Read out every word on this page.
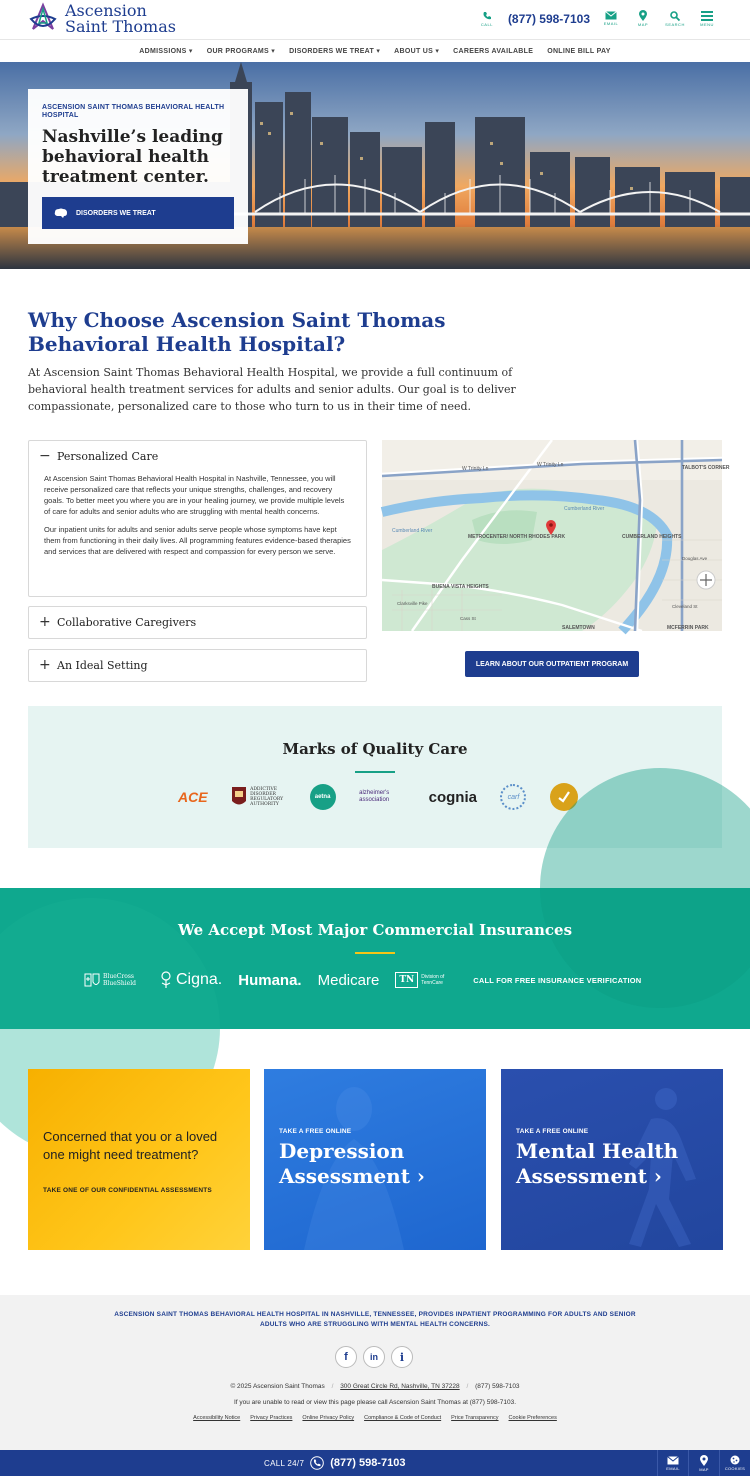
Ascension
Saint Thomas	CALL (877) 598-7103	EMAIL	MAP	SEARCH	MENU
ADMISSIONS ▾ OUR PROGRAMS ▾ DISORDERS WE TREAT ▾ ABOUT US ▾ CAREERS AVAILABLE ONLINE BILL PAY
ASCENSION SAINT THOMAS BEHAVIORAL HEALTH HOSPITAL
Nashville’s leading behavioral health treatment center.
DISORDERS WE TREAT
Why Choose Ascension Saint Thomas Behavioral Health Hospital?

At Ascension Saint Thomas Behavioral Health Hospital, we provide a full continuum of behavioral health treatment services for adults and senior adults. Our goal is to deliver compassionate, personalized care to those who turn to us in their time of need.

− Personalized Care

At Ascension Saint Thomas Behavioral Health Hospital in Nashville, Tennessee, you will receive personalized care that reflects your unique strengths, challenges, and recovery goals. To better meet you where you are in your healing journey, we provide multiple levels of care for adults and senior adults who are struggling with mental health concerns.

Our inpatient units for adults and senior adults serve people whose symptoms have kept them from functioning in their daily lives. All programming features evidence-based therapies and services that are delivered with respect and compassion for every person we serve.

+ Collaborative Caregivers
+ An Ideal Setting
W Trinity Ln
W Trinity Ln	TALBOT'S CORNER
Cumberland River
Cumberland River
METROCENTER/ NORTH RHODES PARK	CUMBERLAND HEIGHTS
BUENA VISTA HEIGHTS
Clarksville Pike
Cass St
SALEMTOWN	MCFERRIN PARK
Cleveland St
Douglas Ave
LEARN ABOUT OUR OUTPATIENT PROGRAM
Marks of Quality Care
ACE	ADDICTIVE DISORDER REGULATORY AUTHORITY
aetna
alzheimer's association	cognia	carf
We Accept Most Major Commercial Insurances
BlueCross BlueShield	Cigna. Humana. Medicare	TN	Division of TennCare	CALL FOR FREE INSURANCE VERIFICATION
Concerned that you or a loved one might need treatment?
TAKE ONE OF OUR CONFIDENTIAL ASSESSMENTS
TAKE A FREE ONLINE
Depression Assessment ›
TAKE A FREE ONLINE
Mental Health Assessment ›
ASCENSION SAINT THOMAS BEHAVIORAL HEALTH HOSPITAL IN NASHVILLE, TENNESSEE, PROVIDES INPATIENT PROGRAMMING FOR ADULTS AND SENIOR ADULTS WHO ARE STRUGGLING WITH MENTAL HEALTH CONCERNS.
f	in	i
© 2025 Ascension Saint Thomas / 300 Great Circle Rd, Nashville, TN 37228 / (877) 598-7103
If you are unable to read or view this page please call Ascension Saint Thomas at (877) 598-7103.
Accessibility Notice Privacy Practices Online Privacy Policy Compliance & Code of Conduct Price Transparency Cookie Preferences
CALL 24/7 (877) 598-7103	EMAIL	MAP	COOKIES
